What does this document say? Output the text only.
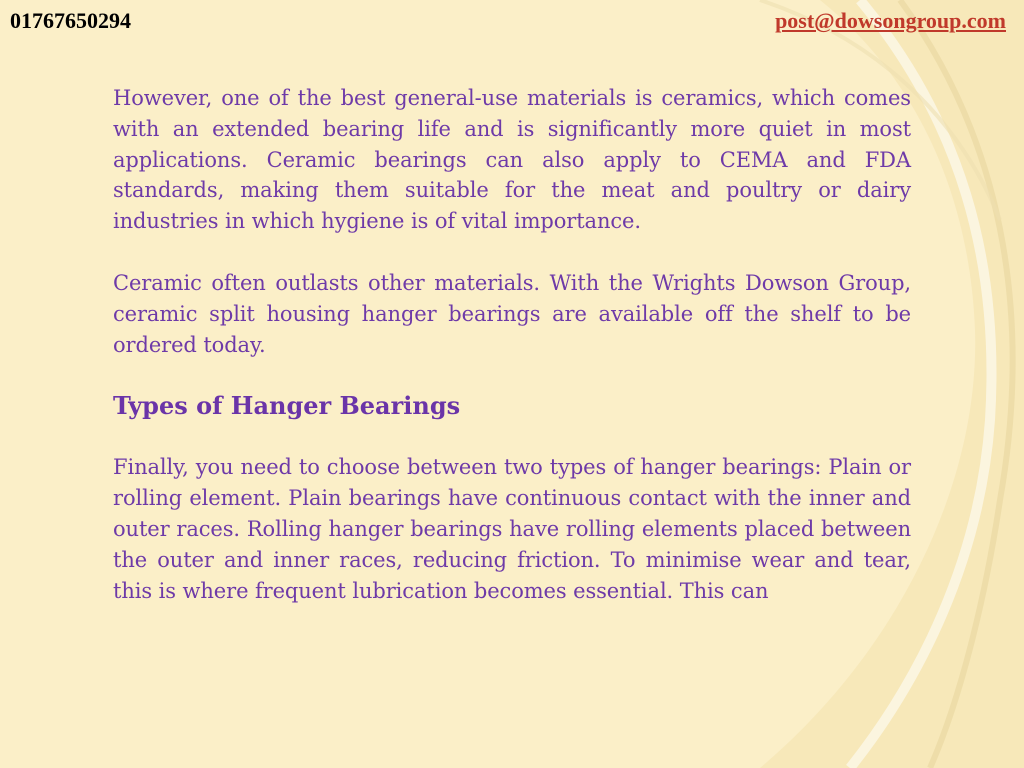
01767650294	post@dowsongroup.com

However, one of the best general-use materials is ceramics, which comes with an extended bearing life and is significantly more quiet in most applications. Ceramic bearings can also apply to CEMA and FDA standards, making them suitable for the meat and poultry or dairy industries in which hygiene is of vital importance.

Ceramic often outlasts other materials. With the Wrights Dowson Group, ceramic split housing hanger bearings are available off the shelf to be ordered today.

Types of Hanger Bearings

Finally, you need to choose between two types of hanger bearings: Plain or rolling element. Plain bearings have continuous contact with the inner and outer races. Rolling hanger bearings have rolling elements placed between the outer and inner races, reducing friction. To minimise wear and tear, this is where frequent lubrication becomes essential. This can
